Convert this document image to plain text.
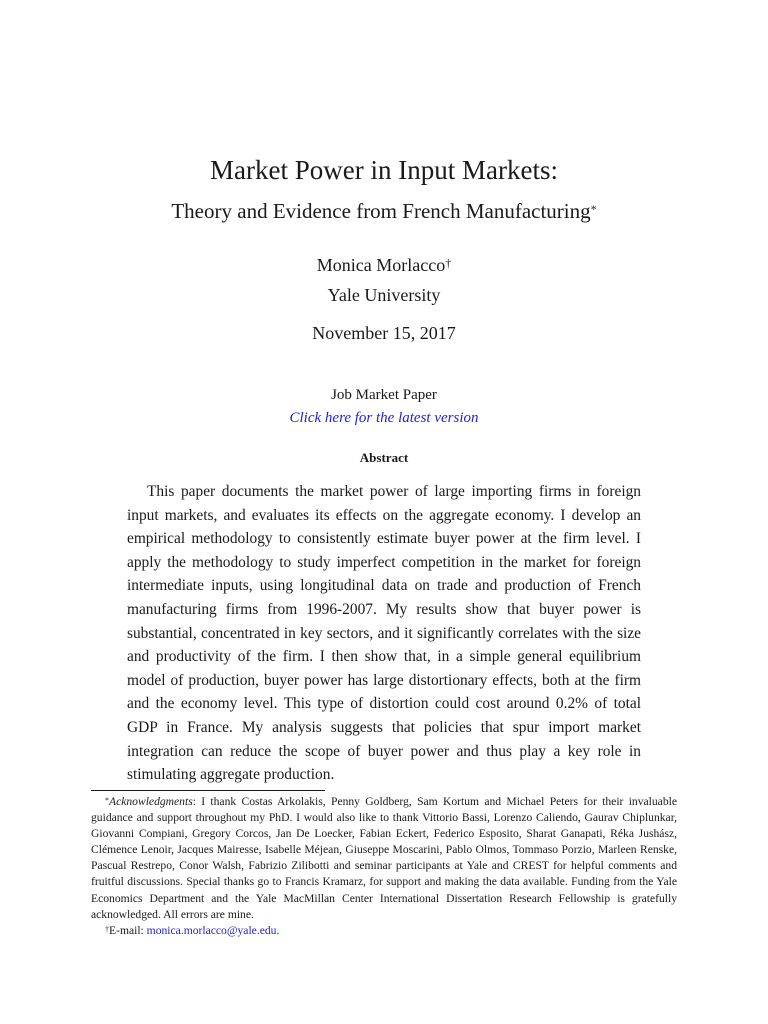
Market Power in Input Markets:
Theory and Evidence from French Manufacturing*
Monica Morlacco†
Yale University
November 15, 2017
Job Market Paper
Click here for the latest version
Abstract

This paper documents the market power of large importing firms in foreign input markets, and evaluates its effects on the aggregate economy. I develop an empirical methodology to consistently estimate buyer power at the firm level. I apply the methodology to study imperfect competition in the market for foreign intermediate inputs, using longitudinal data on trade and production of French manufacturing firms from 1996-2007. My results show that buyer power is substantial, concentrated in key sectors, and it significantly correlates with the size and productivity of the firm. I then show that, in a simple general equilibrium model of production, buyer power has large distortionary effects, both at the firm and the economy level. This type of distortion could cost around 0.2% of total GDP in France. My analysis suggests that policies that spur import market integration can reduce the scope of buyer power and thus play a key role in stimulating aggregate production.

*Acknowledgments: I thank Costas Arkolakis, Penny Goldberg, Sam Kortum and Michael Peters for their invaluable guidance and support throughout my PhD. I would also like to thank Vittorio Bassi, Lorenzo Caliendo, Gaurav Chiplunkar, Giovanni Compiani, Gregory Corcos, Jan De Loecker, Fabian Eckert, Federico Esposito, Sharat Ganapati, Réka Jushász, Clémence Lenoir, Jacques Mairesse, Isabelle Méjean, Giuseppe Moscarini, Pablo Olmos, Tommaso Porzio, Marleen Renske, Pascual Restrepo, Conor Walsh, Fabrizio Zilibotti and seminar participants at Yale and CREST for helpful comments and fruitful discussions. Special thanks go to Francis Kramarz, for support and making the data available. Funding from the Yale Economics Department and the Yale MacMillan Center International Dissertation Research Fellowship is gratefully acknowledged. All errors are mine.

†E-mail: monica.morlacco@yale.edu.
